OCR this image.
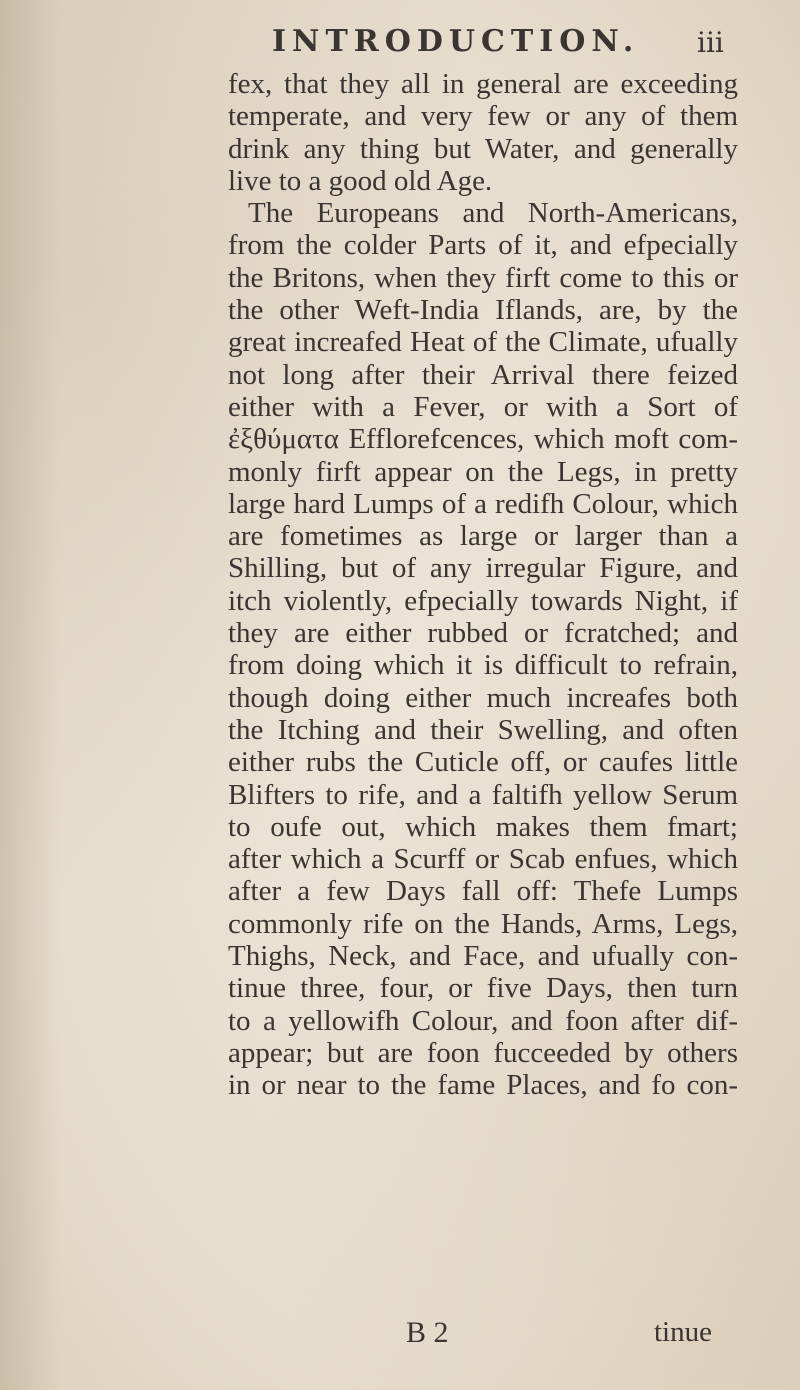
INTRODUCTION. iii
fex, that they all in general are exceeding
temperate, and very few or any of them
drink any thing but Water, and generally
live to a good old Age.
The Europeans and North-Americans,
from the colder Parts of it, and efpecially
the Britons, when they firft come to this or
the other Weft-India Iflands, are, by the
great increafed Heat of the Climate, ufually
not long after their Arrival there feized
either with a Fever, or with a Sort of
ἐξθύματα Efflorefcences, which moft com-
monly firft appear on the Legs, in pretty
large hard Lumps of a redifh Colour, which
are fometimes as large or larger than a
Shilling, but of any irregular Figure, and
itch violently, efpecially towards Night, if
they are either rubbed or fcratched; and
from doing which it is difficult to refrain,
though doing either much increafes both
the Itching and their Swelling, and often
either rubs the Cuticle off, or caufes little
Blifters to rife, and a faltifh yellow Serum
to oufe out, which makes them fmart;
after which a Scurff or Scab enfues, which
after a few Days fall off: Thefe Lumps
commonly rife on the Hands, Arms, Legs,
Thighs, Neck, and Face, and ufually con-
tinue three, four, or five Days, then turn
to a yellowifh Colour, and foon after dif-
appear; but are foon fucceeded by others
in or near to the fame Places, and fo con-
B 2	tinue
